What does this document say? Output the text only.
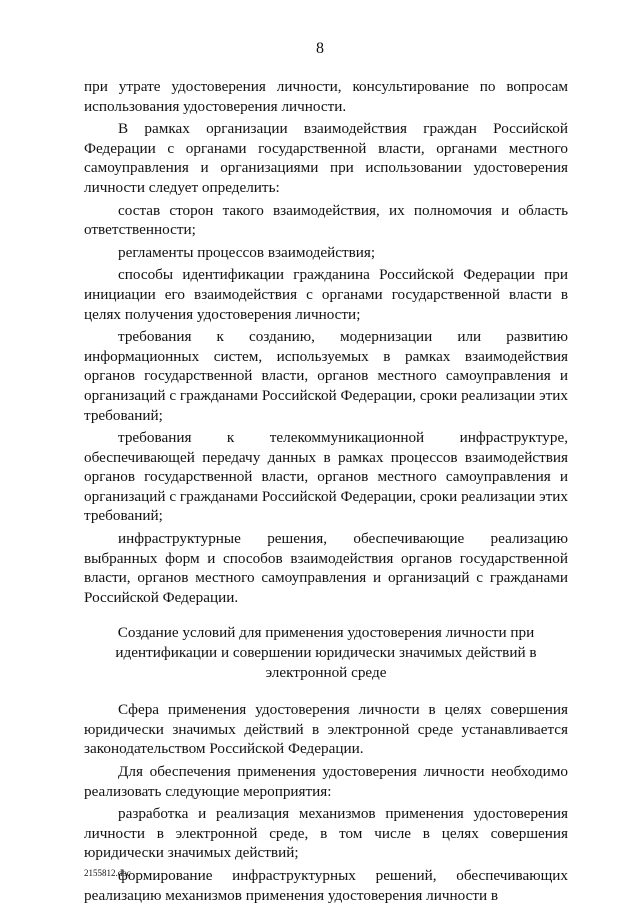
8

при утрате удостоверения личности, консультирование по вопросам использования удостоверения личности.

В рамках организации взаимодействия граждан Российской Федерации с органами государственной власти, органами местного самоуправления и организациями при использовании удостоверения личности следует определить:

состав сторон такого взаимодействия, их полномочия и область ответственности;

регламенты процессов взаимодействия;

способы идентификации гражданина Российской Федерации при инициации его взаимодействия с органами государственной власти в целях получения удостоверения личности;

требования к созданию, модернизации или развитию информационных систем, используемых в рамках взаимодействия органов государственной власти, органов местного самоуправления и организаций с гражданами Российской Федерации, сроки реализации этих требований;

требования к телекоммуникационной инфраструктуре, обеспечивающей передачу данных в рамках процессов взаимодействия органов государственной власти, органов местного самоуправления и организаций с гражданами Российской Федерации, сроки реализации этих требований;

инфраструктурные решения, обеспечивающие реализацию выбранных форм и способов взаимодействия органов государственной власти, органов местного самоуправления и организаций с гражданами Российской Федерации.

Создание условий для применения удостоверения личности при идентификации и совершении юридически значимых действий в электронной среде

Сфера применения удостоверения личности в целях совершения юридически значимых действий в электронной среде устанавливается законодательством Российской Федерации.

Для обеспечения применения удостоверения личности необходимо реализовать следующие мероприятия:

разработка и реализация механизмов применения удостоверения личности в электронной среде, в том числе в целях совершения юридически значимых действий;

формирование инфраструктурных решений, обеспечивающих реализацию механизмов применения удостоверения личности в

2155812.doc
